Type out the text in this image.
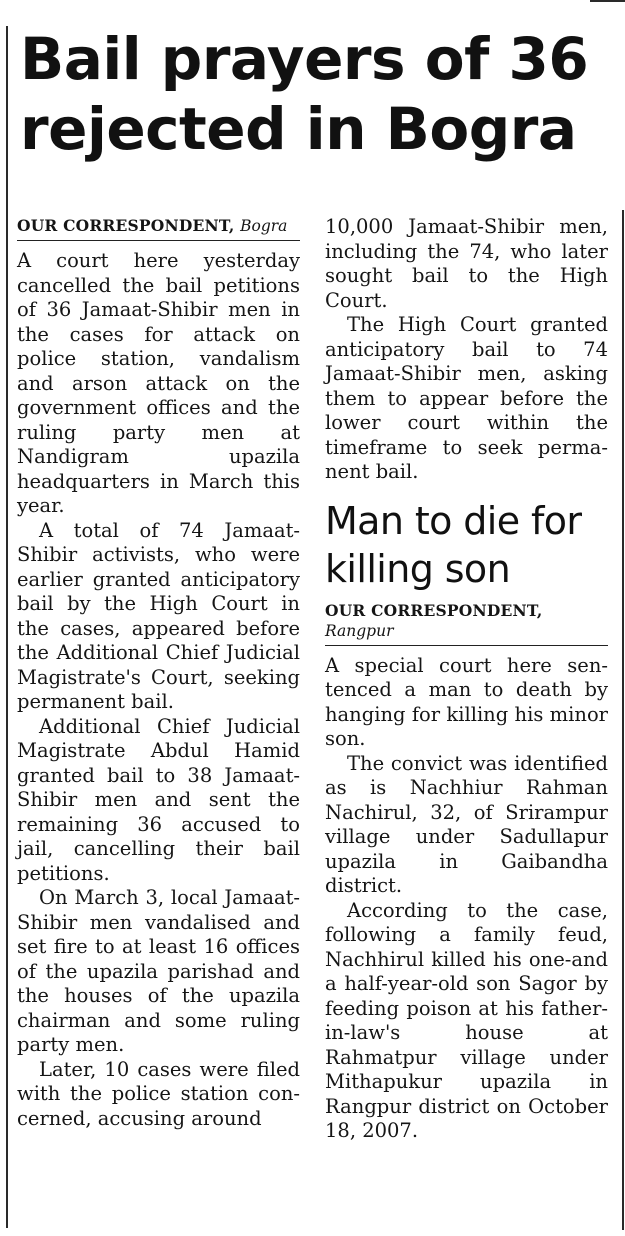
Bail prayers of 36
rejected in Bogra
OUR CORRESPONDENT, Bogra

A court here yesterday cancelled the bail petitions of 36 Jamaat-Shibir men in the cases for attack on police station, vandalism and arson attack on the government offices and the ruling party men at Nandigram upazila headquarters in March this year.

A total of 74 Jamaat-Shibir activists, who were earlier granted anticipatory bail by the High Court in the cases, appeared before the Additional Chief Judicial Magistrate's Court, seeking permanent bail.

Additional Chief Judicial Magistrate Abdul Hamid granted bail to 38 Jamaat-Shibir men and sent the remaining 36 accused to jail, cancelling their bail petitions.

On March 3, local Jamaat-Shibir men vandalised and set fire to at least 16 offices of the upazila parishad and the houses of the upazila chairman and some ruling party men.

Later, 10 cases were filed with the police station concerned, accusing around

10,000 Jamaat-Shibir men, including the 74, who later sought bail to the High Court.

The High Court granted anticipatory bail to 74 Jamaat-Shibir men, asking them to appear before the lower court within the timeframe to seek permanent bail.

Man to die for killing son
OUR CORRESPONDENT,
Rangpur

A special court here sentenced a man to death by hanging for killing his minor son.

The convict was identified as is Nachhiur Rahman Nachirul, 32, of Srirampur village under Sadullapur upazila in Gaibandha district.

According to the case, following a family feud, Nachhirul killed his one-and a half-year-old son Sagor by feeding poison at his father-in-law's house at Rahmatpur village under Mithapukur upazila in Rangpur district on October 18, 2007.
